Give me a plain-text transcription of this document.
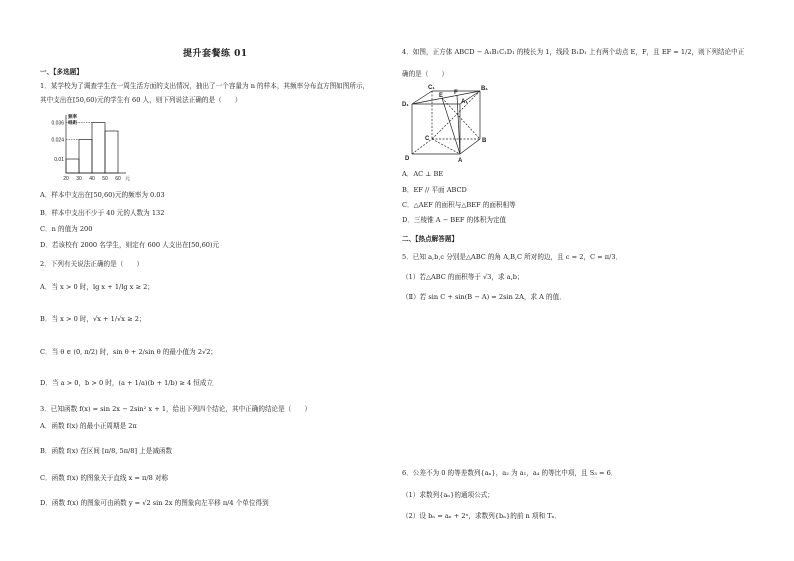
提升套餐练 01
一、【多选题】
1．某学校为了调查学生在一周生活方面的支出情况，抽出了一个容量为 n 的样本，其频率分布直方图如图所示，
其中支出在[50,60)元的学生有 60 人，则下列说法正确的是（　　）
0.036
0.024
0.01
20 30 40 50 60 元
频率
组距
A．样本中支出在[50,60)元的频率为 0.03
B．样本中支出不少于 40 元的人数为 132
C．n 的值为 200
D．若该校有 2000 名学生，则定有 600 人支出在[50,60)元
2．下列有关说法正确的是（　　）
A．当 x > 0 时，lg x + 1/lg x ≥ 2；
B．当 x > 0 时，√x + 1/√x ≥ 2；
C．当 θ ∈ (0, π/2) 时，sin θ + 2/sin θ 的最小值为 2√2；
D．当 a > 0，b > 0 时，(a + 1/a)(b + 1/b) ≥ 4 恒成立
3．已知函数 f(x) = sin 2x − 2sin² x + 1，给出下列四个结论，其中正确的结论是（　　）
A．函数 f(x) 的最小正周期是 2π
B．函数 f(x) 在区间 [π/8, 5π/8] 上是减函数
C．函数 f(x) 的图象关于直线 x = π/8 对称
D．函数 f(x) 的图象可由函数 y = √2 sin 2x 的图象向左平移 π/4 个单位得到
4．如图，正方体 ABCD − A₁B₁C₁D₁ 的棱长为 1，线段 B₁D₁ 上有两个动点 E，F，且 EF = 1/2，则下列结论中正
确的是（　　）
C₁	B₁
D₁	A₁
E F
C	B
D	A
A．AC ⊥ BE
B．EF // 平面 ABCD
C．△AEF 的面积与△BEF 的面积相等
D．三棱锥 A − BEF 的体积为定值
二、【热点解答题】
5．已知 a,b,c 分别是△ABC 的角 A,B,C 所对的边，且 c = 2，C = π/3．
（1）若△ABC 的面积等于 √3，求 a,b；
（Ⅱ）若 sin C + sin(B − A) = 2sin 2A，求 A 的值．
6．公差不为 0 的等差数列{aₙ}，a₂ 为 a₁，a₄ 的等比中项，且 S₃ = 6．
（1）求数列{aₙ}的通项公式；
（2）设 bₙ = aₙ + 2ⁿ，求数列{bₙ}的前 n 项和 Tₙ．
